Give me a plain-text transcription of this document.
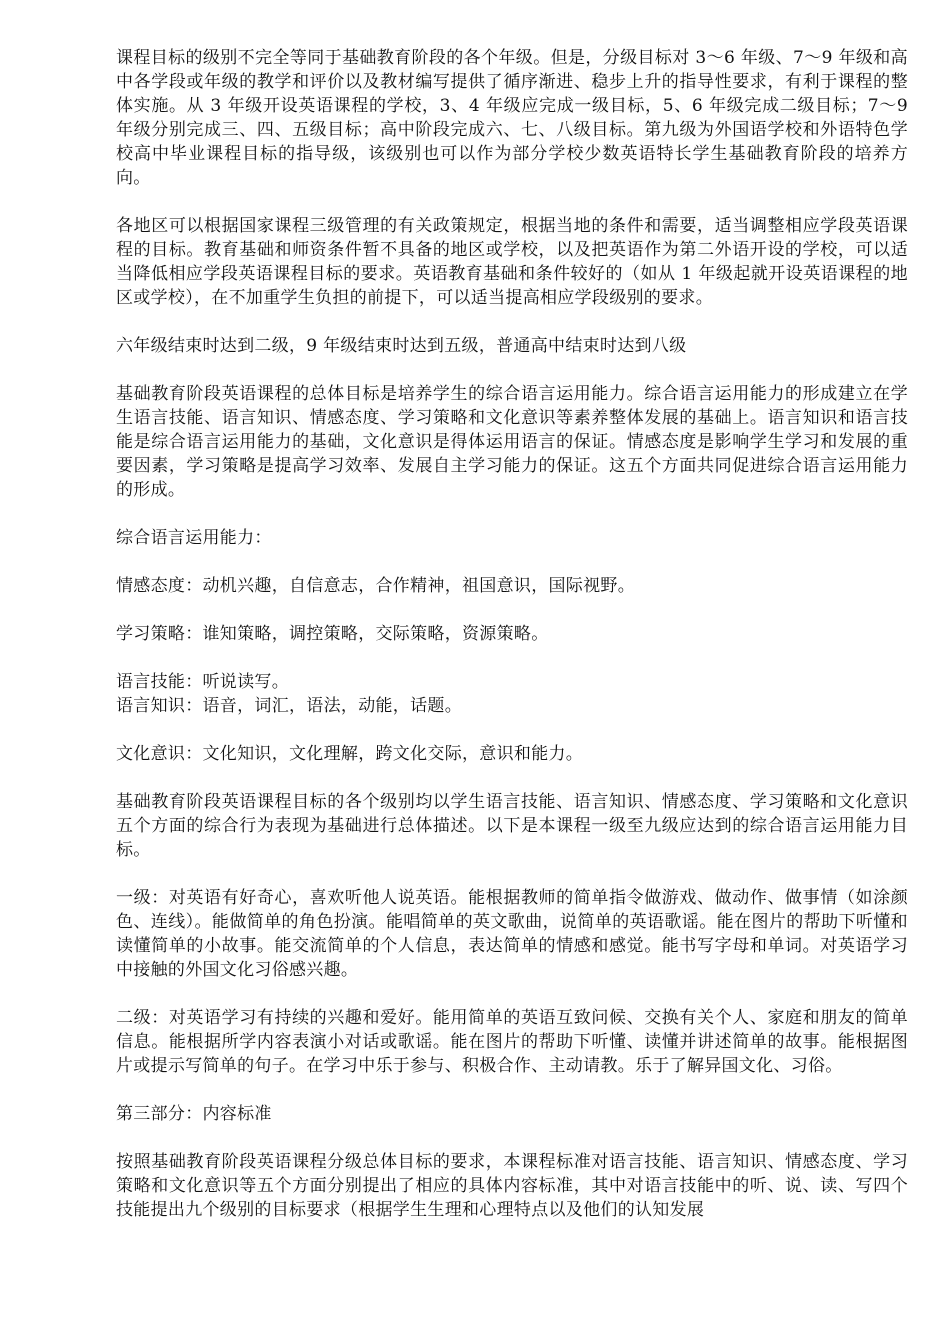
课程目标的级别不完全等同于基础教育阶段的各个年级。但是，分级目标对 3～6 年级、7～9 年级和高中各学段或年级的教学和评价以及教材编写提供了循序渐进、稳步上升的指导性要求，有利于课程的整体实施。从 3 年级开设英语课程的学校，3、4 年级应完成一级目标，5、6 年级完成二级目标；7～9 年级分别完成三、四、五级目标；高中阶段完成六、七、八级目标。第九级为外国语学校和外语特色学校高中毕业课程目标的指导级，该级别也可以作为部分学校少数英语特长学生基础教育阶段的培养方向。

各地区可以根据国家课程三级管理的有关政策规定，根据当地的条件和需要，适当调整相应学段英语课程的目标。教育基础和师资条件暂不具备的地区或学校，以及把英语作为第二外语开设的学校，可以适当降低相应学段英语课程目标的要求。英语教育基础和条件较好的（如从 1 年级起就开设英语课程的地区或学校），在不加重学生负担的前提下，可以适当提高相应学段级别的要求。

六年级结束时达到二级，9 年级结束时达到五级，普通高中结束时达到八级

基础教育阶段英语课程的总体目标是培养学生的综合语言运用能力。综合语言运用能力的形成建立在学生语言技能、语言知识、情感态度、学习策略和文化意识等素养整体发展的基础上。语言知识和语言技能是综合语言运用能力的基础，文化意识是得体运用语言的保证。情感态度是影响学生学习和发展的重要因素，学习策略是提高学习效率、发展自主学习能力的保证。这五个方面共同促进综合语言运用能力的形成。

综合语言运用能力：

情感态度：动机兴趣，自信意志，合作精神，祖国意识，国际视野。

学习策略：谁知策略，调控策略，交际策略，资源策略。

语言技能：听说读写。

语言知识：语音，词汇，语法，动能，话题。

文化意识：文化知识，文化理解，跨文化交际，意识和能力。

基础教育阶段英语课程目标的各个级别均以学生语言技能、语言知识、情感态度、学习策略和文化意识五个方面的综合行为表现为基础进行总体描述。以下是本课程一级至九级应达到的综合语言运用能力目标。

一级：对英语有好奇心，喜欢听他人说英语。能根据教师的简单指令做游戏、做动作、做事情（如涂颜色、连线）。能做简单的角色扮演。能唱简单的英文歌曲，说简单的英语歌谣。能在图片的帮助下听懂和读懂简单的小故事。能交流简单的个人信息，表达简单的情感和感觉。能书写字母和单词。对英语学习中接触的外国文化习俗感兴趣。

二级：对英语学习有持续的兴趣和爱好。能用简单的英语互致问候、交换有关个人、家庭和朋友的简单信息。能根据所学内容表演小对话或歌谣。能在图片的帮助下听懂、读懂并讲述简单的故事。能根据图片或提示写简单的句子。在学习中乐于参与、积极合作、主动请教。乐于了解异国文化、习俗。

第三部分：内容标准

按照基础教育阶段英语课程分级总体目标的要求，本课程标准对语言技能、语言知识、情感态度、学习策略和文化意识等五个方面分别提出了相应的具体内容标准，其中对语言技能中的听、说、读、写四个技能提出九个级别的目标要求（根据学生生理和心理特点以及他们的认知发展
